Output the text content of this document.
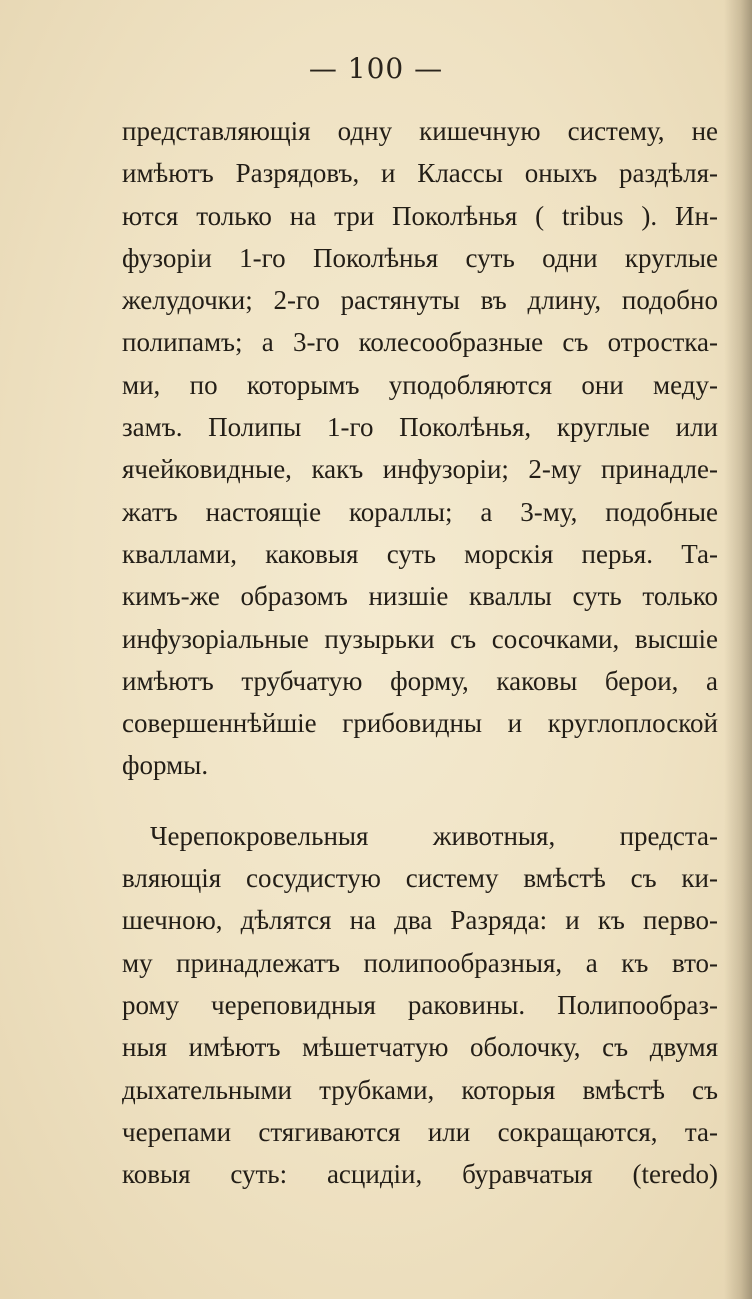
— 100 —
представляющія одну кишечную систему, не
имѣютъ Разрядовъ, и Классы оныхъ раздѣля-
ются только на три Поколѣнья ( tribus ). Ин-
фузоріи 1-го Поколѣнья суть одни круглые
желудочки; 2-го растянуты въ длину, подобно
полипамъ; а 3-го колесообразные съ отростка-
ми, по которымъ уподобляются они меду-
замъ. Полипы 1-го Поколѣнья, круглые или
ячейковидные, какъ инфузоріи; 2-му принадле-
жатъ настоящіе кораллы; а 3-му, подобные
кваллами, каковыя суть морскія перья. Та-
кимъ-же образомъ низшіе кваллы суть только
инфузоріальные пузырьки съ сосочками, высшіе
имѣютъ трубчатую форму, каковы берои, а
совершеннѣйшіе грибовидны и круглоплоской
формы.
Черепокровельныя животныя, предста-
вляющія сосудистую систему вмѣстѣ съ ки-
шечною, дѣлятся на два Разряда: и къ перво-
му принадлежатъ полипообразныя, а къ вто-
рому череповидныя раковины. Полипообраз-
ныя имѣютъ мѣшетчатую оболочку, съ двумя
дыхательными трубками, которыя вмѣстѣ съ
черепами стягиваются или сокращаются, та-
ковыя суть: асцидіи, буравчатыя (teredo)
